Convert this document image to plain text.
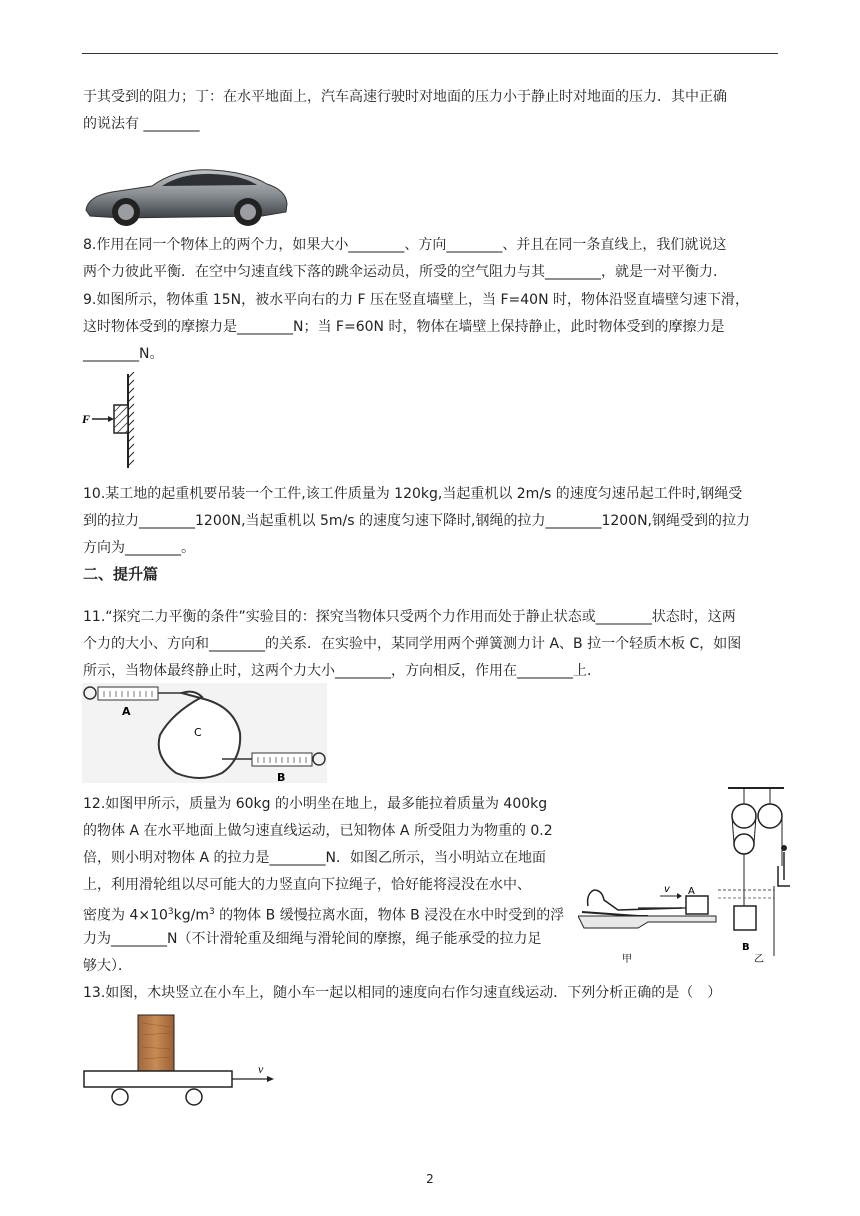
于其受到的阻力；丁：在水平地面上，汽车高速行驶时对地面的压力小于静止时对地面的压力．其中正确
的说法有 ________
8.作用在同一个物体上的两个力，如果大小________、方向________、并且在同一条直线上，我们就说这
两个力彼此平衡．在空中匀速直线下落的跳伞运动员，所受的空气阻力与其________，就是一对平衡力．
9.如图所示，物体重 15N，被水平向右的力 F 压在竖直墙壁上，当 F=40N 时，物体沿竖直墙壁匀速下滑，
这时物体受到的摩擦力是________N；当 F=60N 时，物体在墙壁上保持静止，此时物体受到的摩擦力是
________N。
F
10.某工地的起重机要吊装一个工件,该工件质量为 120kg,当起重机以 2m/s 的速度匀速吊起工件时,钢绳受
到的拉力________1200N,当起重机以 5m/s 的速度匀速下降时,钢绳的拉力________1200N,钢绳受到的拉力
方向为________。
二、提升篇
11.“探究二力平衡的条件”实验目的：探究当物体只受两个力作用而处于静止状态或________状态时，这两
个力的大小、方向和________的关系．在实验中，某同学用两个弹簧测力计 A、B 拉一个轻质木板 C，如图
所示，当物体最终静止时，这两个力大小________，方向相反，作用在________上．
A
C
B
12.如图甲所示，质量为 60kg 的小明坐在地上，最多能拉着质量为 400kg
的物体 A 在水平地面上做匀速直线运动，已知物体 A 所受阻力为物重的 0.2
倍，则小明对物体 A 的拉力是________N．如图乙所示，当小明站立在地面
上，利用滑轮组以尽可能大的力竖直向下拉绳子，恰好能将浸没在水中、
密度为 $4\times 10^3kg/m^3$ 的物体 B 缓慢拉离水面，物体 B 浸没在水中时受到的浮
力为________N（不计滑轮重及细绳与滑轮间的摩擦，绳子能承受的拉力足
够大）．
A
v
甲
B
乙
13.如图，木块竖立在小车上，随小车一起以相同的速度向右作匀速直线运动．下列分析正确的是（　）
v
2
